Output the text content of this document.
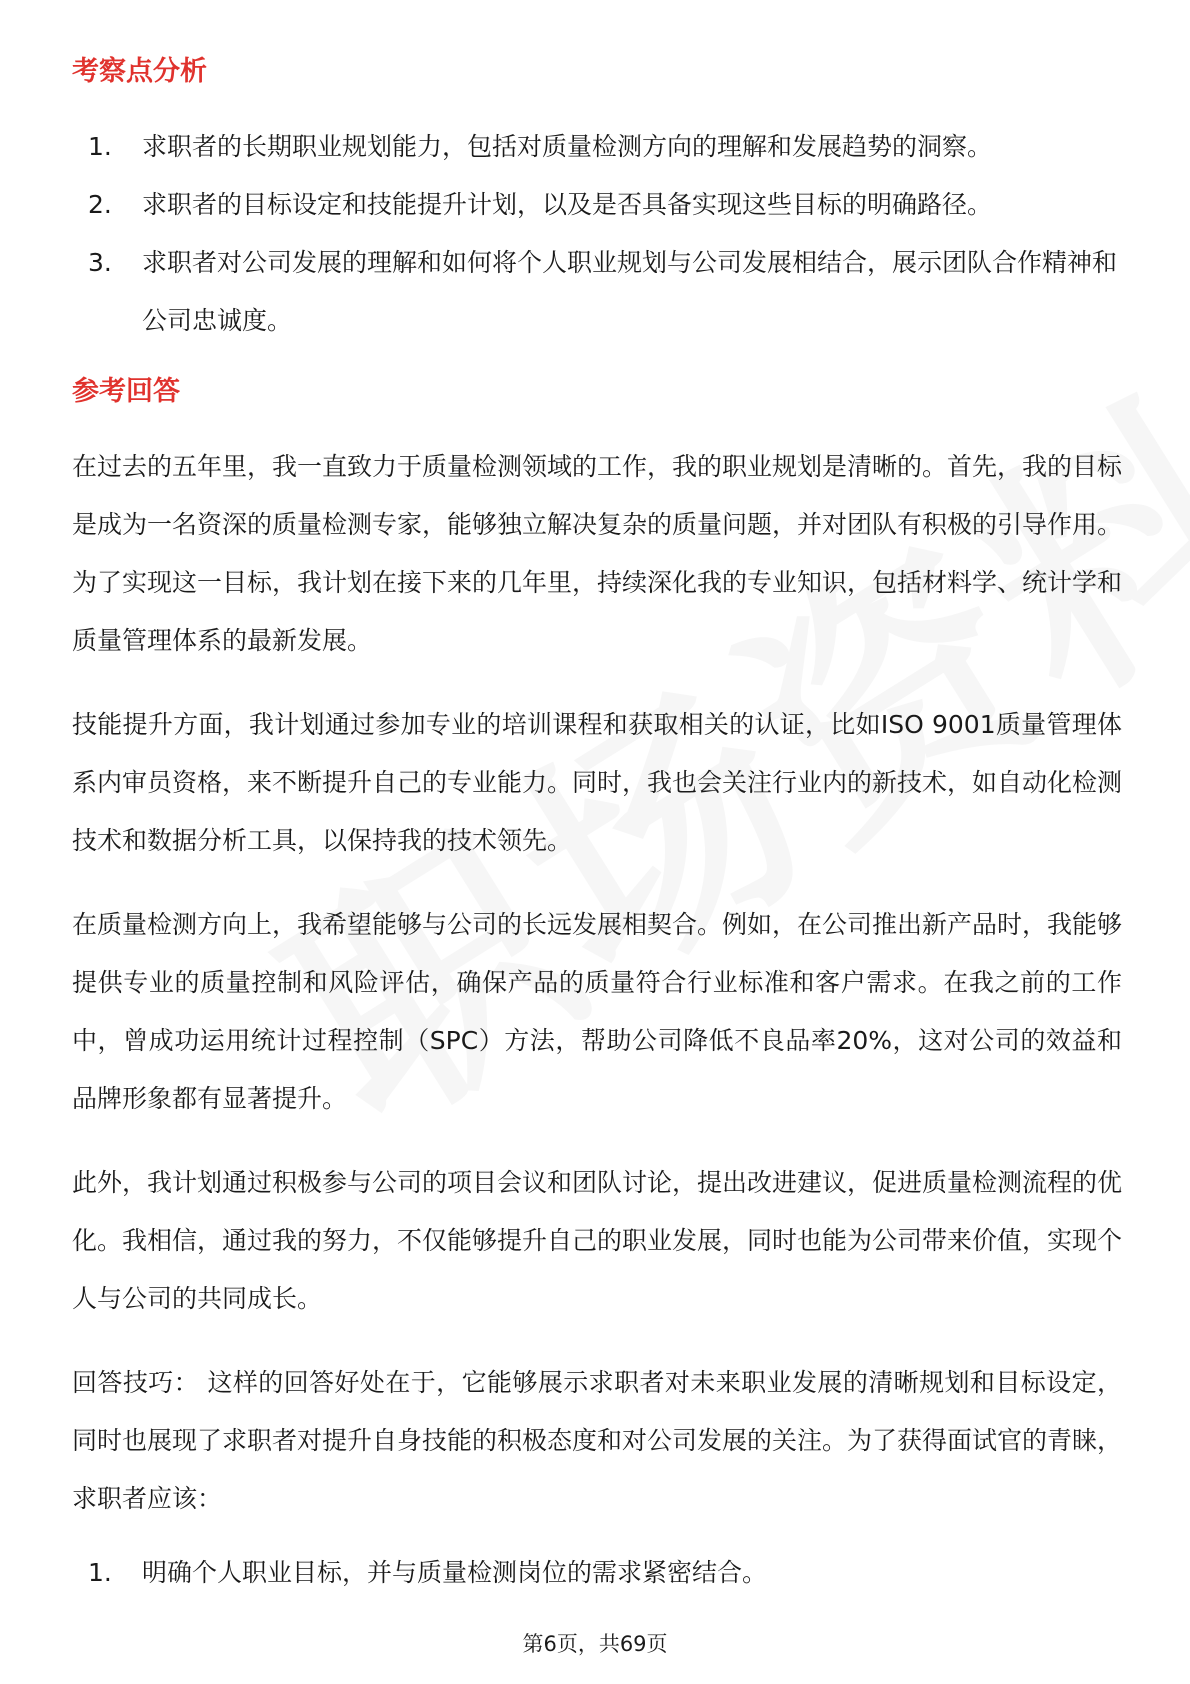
考察点分析
1.	求职者的长期职业规划能力，包括对质量检测方向的理解和发展趋势的洞察。
2.	求职者的目标设定和技能提升计划，以及是否具备实现这些目标的明确路径。
3.	求职者对公司发展的理解和如何将个人职业规划与公司发展相结合，展示团队合作精神和公司忠诚度。
参考回答

在过去的五年里，我一直致力于质量检测领域的工作，我的职业规划是清晰的。首先，我的目标是成为一名资深的质量检测专家，能够独立解决复杂的质量问题，并对团队有积极的引导作用。为了实现这一目标，我计划在接下来的几年里，持续深化我的专业知识，包括材料学、统计学和质量管理体系的最新发展。

技能提升方面，我计划通过参加专业的培训课程和获取相关的认证，比如ISO 9001质量管理体系内审员资格，来不断提升自己的专业能力。同时，我也会关注行业内的新技术，如自动化检测技术和数据分析工具，以保持我的技术领先。

在质量检测方向上，我希望能够与公司的长远发展相契合。例如，在公司推出新产品时，我能够提供专业的质量控制和风险评估，确保产品的质量符合行业标准和客户需求。在我之前的工作中，曾成功运用统计过程控制（SPC）方法，帮助公司降低不良品率20%，这对公司的效益和品牌形象都有显著提升。

此外，我计划通过积极参与公司的项目会议和团队讨论，提出改进建议，促进质量检测流程的优化。我相信，通过我的努力，不仅能够提升自己的职业发展，同时也能为公司带来价值，实现个人与公司的共同成长。

回答技巧： 这样的回答好处在于，它能够展示求职者对未来职业发展的清晰规划和目标设定，同时也展现了求职者对提升自身技能的积极态度和对公司发展的关注。为了获得面试官的青睐，求职者应该：

1.	明确个人职业目标，并与质量检测岗位的需求紧密结合。
第6页，共69页
